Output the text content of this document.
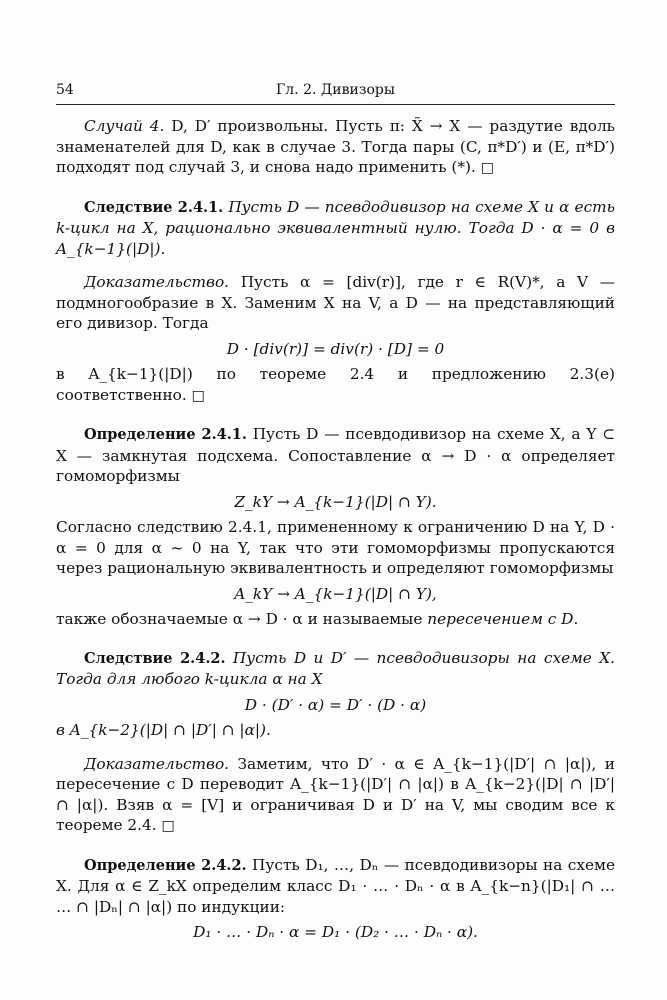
54	Гл. 2. Дивизоры

Случай 4. D, D′ произвольны. Пусть π: X̃ → X — раздутие вдоль знаменателей для D, как в случае 3. Тогда пары (C, π*D′) и (E, π*D′) подходят под случай 3, и снова надо применить (*). □

Следствие 2.4.1. Пусть D — псевдодивизор на схеме X и α есть k-цикл на X, рационально эквивалентный нулю. Тогда D · α = 0 в A_{k−1}(|D|).

Доказательство. Пусть α = [div(r)], где r ∈ R(V)*, а V — подмногообразие в X. Заменим X на V, а D — на представляющий его дивизор. Тогда

D · [div(r)] = div(r) · [D] = 0

в A_{k−1}(|D|) по теореме 2.4 и предложению 2.3(e) соответственно. □

Определение 2.4.1. Пусть D — псевдодивизор на схеме X, а Y ⊂ X — замкнутая подсхема. Сопоставление α → D · α определяет гомоморфизмы

Z_kY → A_{k−1}(|D| ∩ Y).

Согласно следствию 2.4.1, примененному к ограничению D на Y, D · α = 0 для α ~ 0 на Y, так что эти гомоморфизмы пропускаются через рациональную эквивалентность и определяют гомоморфизмы

A_kY → A_{k−1}(|D| ∩ Y),

также обозначаемые α → D · α и называемые пересечением с D.

Следствие 2.4.2. Пусть D и D′ — псевдодивизоры на схеме X. Тогда для любого k-цикла α на X

D · (D′ · α) = D′ · (D · α)

в A_{k−2}(|D| ∩ |D′| ∩ |α|).

Доказательство. Заметим, что D′ · α ∈ A_{k−1}(|D′| ∩ |α|), и пересечение с D переводит A_{k−1}(|D′| ∩ |α|) в A_{k−2}(|D| ∩ |D′| ∩ |α|). Взяв α = [V] и ограничивая D и D′ на V, мы сводим все к теореме 2.4. □

Определение 2.4.2. Пусть D₁, …, Dₙ — псевдодивизоры на схеме X. Для α ∈ Z_kX определим класс D₁ · … · Dₙ · α в A_{k−n}(|D₁| ∩ … … ∩ |Dₙ| ∩ |α|) по индукции:

D₁ · … · Dₙ · α = D₁ · (D₂ · … · Dₙ · α).
